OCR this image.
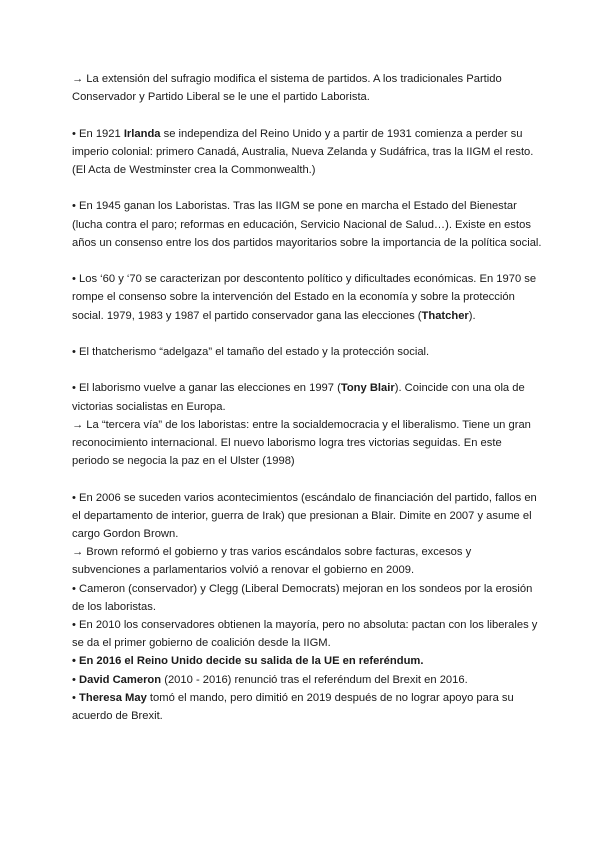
→ La extensión del sufragio modifica el sistema de partidos. A los tradicionales Partido Conservador y Partido Liberal se le une el partido Laborista.

• En 1921 Irlanda se independiza del Reino Unido y a partir de 1931 comienza a perder su imperio colonial: primero Canadá, Australia, Nueva Zelanda y Sudáfrica, tras la IIGM el resto. (El Acta de Westminster crea la Commonwealth.)

• En 1945 ganan los Laboristas. Tras las IIGM se pone en marcha el Estado del Bienestar (lucha contra el paro; reformas en educación, Servicio Nacional de Salud…). Existe en estos años un consenso entre los dos partidos mayoritarios sobre la importancia de la política social.

• Los ‘60 y ‘70 se caracterizan por descontento político y dificultades económicas. En 1970 se rompe el consenso sobre la intervención del Estado en la economía y sobre la protección social. 1979, 1983 y 1987 el partido conservador gana las elecciones (Thatcher).

• El thatcherismo “adelgaza” el tamaño del estado y la protección social.

• El laborismo vuelve a ganar las elecciones en 1997 (Tony Blair). Coincide con una ola de victorias socialistas en Europa.

→ La “tercera vía” de los laboristas: entre la socialdemocracia y el liberalismo. Tiene un gran reconocimiento internacional. El nuevo laborismo logra tres victorias seguidas. En este periodo se negocia la paz en el Ulster (1998)

• En 2006 se suceden varios acontecimientos (escándalo de financiación del partido, fallos en el departamento de interior, guerra de Irak) que presionan a Blair. Dimite en 2007 y asume el cargo Gordon Brown.

→ Brown reformó el gobierno y tras varios escándalos sobre facturas, excesos y subvenciones a parlamentarios volvió a renovar el gobierno en 2009.

• Cameron (conservador) y Clegg (Liberal Democrats) mejoran en los sondeos por la erosión de los laboristas.

• En 2010 los conservadores obtienen la mayoría, pero no absoluta: pactan con los liberales y se da el primer gobierno de coalición desde la IIGM.

• En 2016 el Reino Unido decide su salida de la UE en referéndum.

• David Cameron (2010 - 2016) renunció tras el referéndum del Brexit en 2016.

• Theresa May tomó el mando, pero dimitió en 2019 después de no lograr apoyo para su acuerdo de Brexit.
